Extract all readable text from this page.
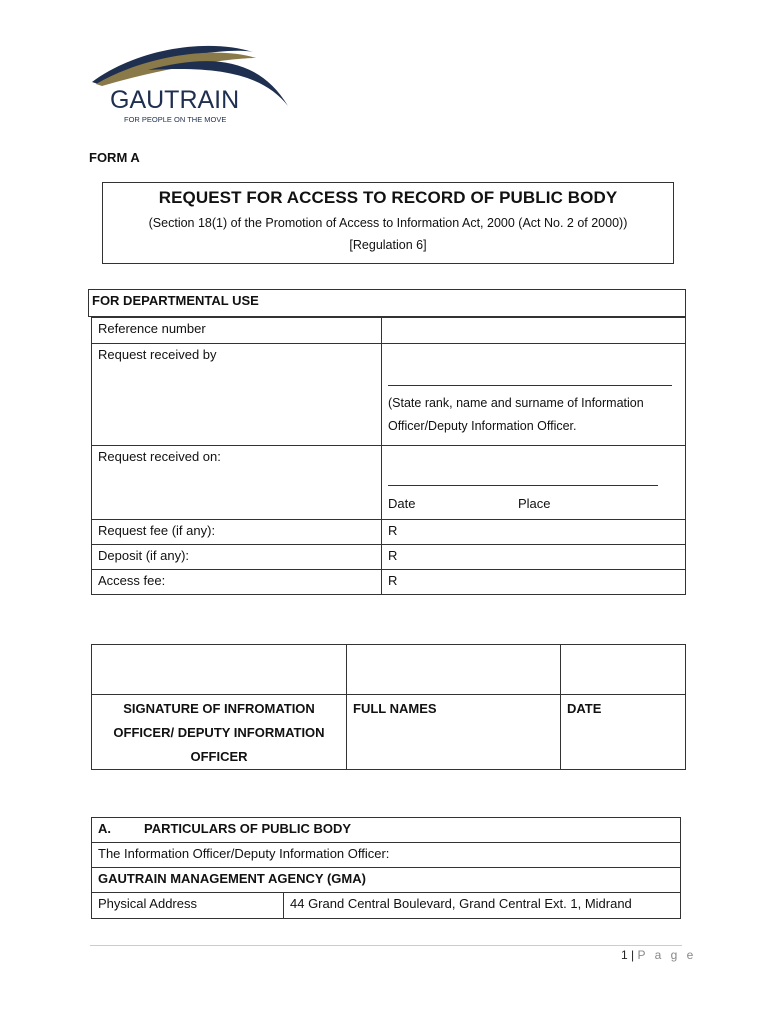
GAUTRAIN
FOR PEOPLE ON THE MOVE
FORM A
REQUEST FOR ACCESS TO RECORD OF PUBLIC BODY
(Section 18(1) of the Promotion of Access to Information Act, 2000 (Act No. 2 of 2000))
[Regulation 6]
FOR DEPARTMENTAL USE
Reference number	
Request received by	(State rank, name and surname of Information
Officer/Deputy Information Officer.

Request received on:	Date Place

Request fee (if any):	R
Deposit (if any):	R
Access fee:	R

SIGNATURE OF INFROMATION
OFFICER/ DEPUTY INFORMATION
OFFICER	FULL NAMES	DATE
A.	PARTICULARS OF PUBLIC BODY
The Information Officer/Deputy Information Officer:
GAUTRAIN MANAGEMENT AGENCY (GMA)
Physical Address	44 Grand Central Boulevard, Grand Central Ext. 1, Midrand
1 | P a g e
